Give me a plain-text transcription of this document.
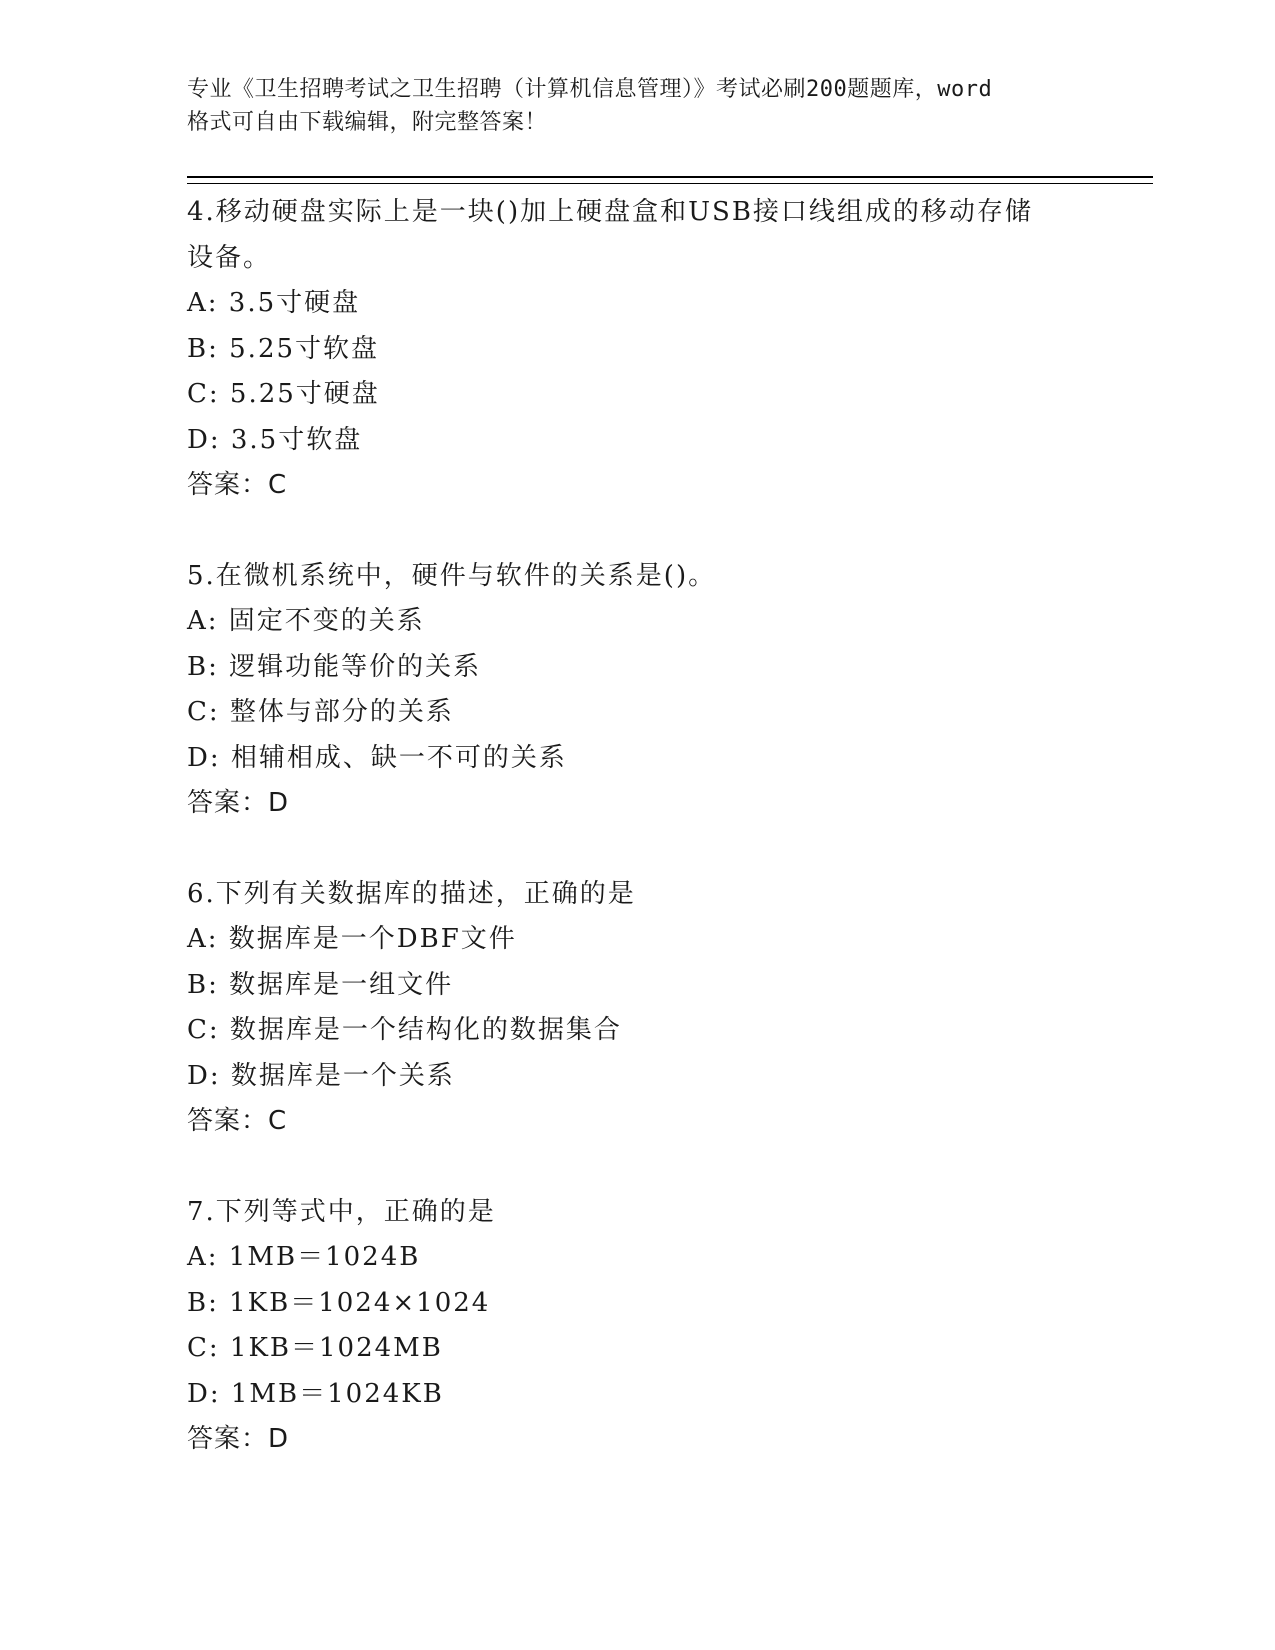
专业《卫生招聘考试之卫生招聘（计算机信息管理）》考试必刷200题题库，word
格式可自由下载编辑，附完整答案！
4.移动硬盘实际上是一块()加上硬盘盒和USB接口线组成的移动存储设备。
A: 3.5寸硬盘
B: 5.25寸软盘
C: 5.25寸硬盘
D: 3.5寸软盘
答案：C
5.在微机系统中，硬件与软件的关系是()。
A: 固定不变的关系
B: 逻辑功能等价的关系
C: 整体与部分的关系
D: 相辅相成、缺一不可的关系
答案：D
6.下列有关数据库的描述，正确的是
A: 数据库是一个DBF文件
B: 数据库是一组文件
C: 数据库是一个结构化的数据集合
D: 数据库是一个关系
答案：C
7.下列等式中，正确的是
A: 1MB＝1024B
B: 1KB＝1024×1024
C: 1KB＝1024MB
D: 1MB＝1024KB
答案：D
